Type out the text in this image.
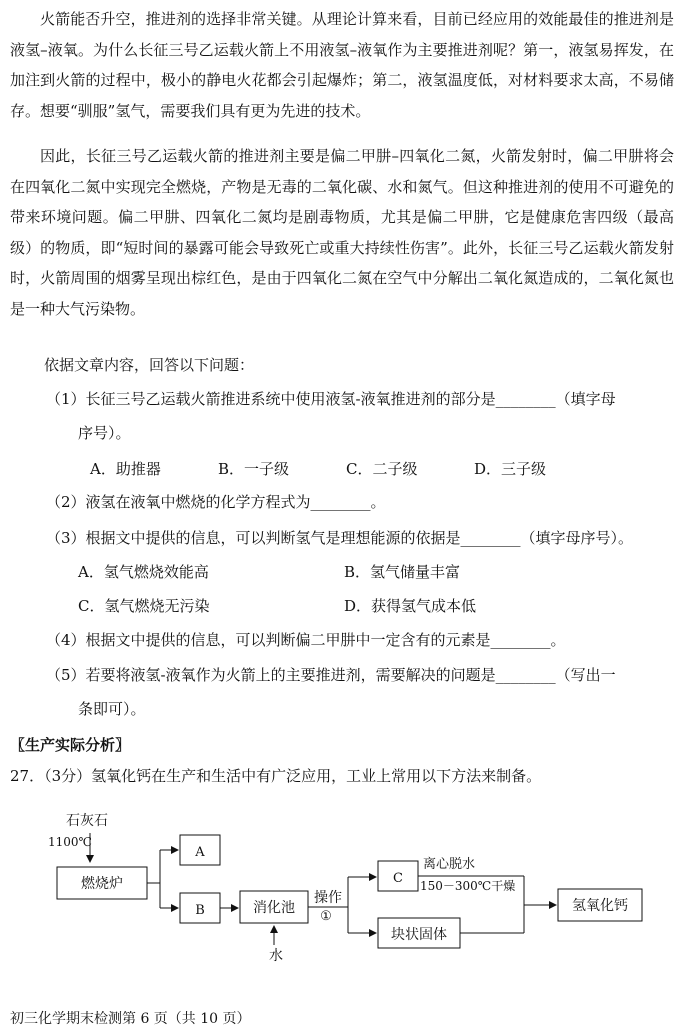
火箭能否升空，推进剂的选择非常关键。从理论计算来看，目前已经应用的效能最佳的推进剂是液氢–液氧。为什么长征三号乙运载火箭上不用液氢–液氧作为主要推进剂呢？第一，液氢易挥发，在加注到火箭的过程中，极小的静电火花都会引起爆炸；第二，液氢温度低，对材料要求太高，不易储存。想要“驯服”氢气，需要我们具有更为先进的技术。

因此，长征三号乙运载火箭的推进剂主要是偏二甲肼–四氧化二氮，火箭发射时，偏二甲肼将会在四氧化二氮中实现完全燃烧，产物是无毒的二氧化碳、水和氮气。但这种推进剂的使用不可避免的带来环境问题。偏二甲肼、四氧化二氮均是剧毒物质，尤其是偏二甲肼，它是健康危害四级（最高级）的物质，即“短时间的暴露可能会导致死亡或重大持续性伤害”。此外，长征三号乙运载火箭发射时，火箭周围的烟雾呈现出棕红色，是由于四氧化二氮在空气中分解出二氧化氮造成的，二氧化氮也是一种大气污染物。

依据文章内容，回答以下问题：
（1）长征三号乙运载火箭推进系统中使用液氢-液氧推进剂的部分是________（填字母
序号）。
A．助推器	B．一子级	C．二子级	D．三子级
（2）液氢在液氧中燃烧的化学方程式为________。
（3）根据文中提供的信息，可以判断氢气是理想能源的依据是________（填字母序号）。
A．氢气燃烧效能高	B．氢气储量丰富
C．氢气燃烧无污染	D．获得氢气成本低
（4）根据文中提供的信息，可以判断偏二甲肼中一定含有的元素是________。
（5）若要将液氢-液氧作为火箭上的主要推进剂，需要解决的问题是________（写出一
条即可）。
〖生产实际分析〗
27．（3分）氢氧化钙在生产和生活中有广泛应用，工业上常用以下方法来制备。
石灰石
1100℃
燃烧炉
A
B	消化池
水
操作
①
C
离心脱水
150－300℃干燥
块状固体
氢氧化钙
初三化学期末检测第 6 页（共 10 页）
